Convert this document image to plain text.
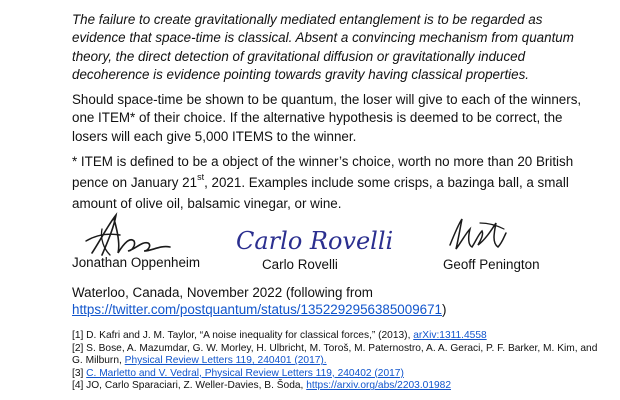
The failure to create gravitationally mediated entanglement is to be regarded as evidence that space-time is classical. Absent a convincing mechanism from quantum theory, the direct detection of gravitational diffusion or gravitationally induced decoherence is evidence pointing towards gravity having classical properties.
Should space-time be shown to be quantum, the loser will give to each of the winners, one ITEM* of their choice. If the alternative hypothesis is deemed to be correct, the losers will each give 5,000 ITEMS to the winner.
* ITEM is defined to be a object of the winner’s choice, worth no more than 20 British pence on January 21st, 2021. Examples include some crisps, a bazinga ball, a small amount of olive oil, balsamic vinegar, or wine.
Jonathan Oppenheim
Carlo Rovelli
Carlo Rovelli	Geoff Penington
Waterloo, Canada, November 2022 (following from
https://twitter.com/postquantum/status/1352292956385009671)
[1] D. Kafri and J. M. Taylor, “A noise inequality for classical forces,” (2013), arXiv:1311.4558
[2] S. Bose, A. Mazumdar, G. W. Morley, H. Ulbricht, M. Toroš, M. Paternostro, A. A. Geraci, P. F. Barker, M. Kim, and G. Milburn, Physical Review Letters 119, 240401 (2017).
[3] C. Marletto and V. Vedral, Physical Review Letters 119, 240402 (2017)
[4] JO, Carlo Sparaciari, Z. Weller-Davies, B. Šoda, https://arxiv.org/abs/2203.01982
